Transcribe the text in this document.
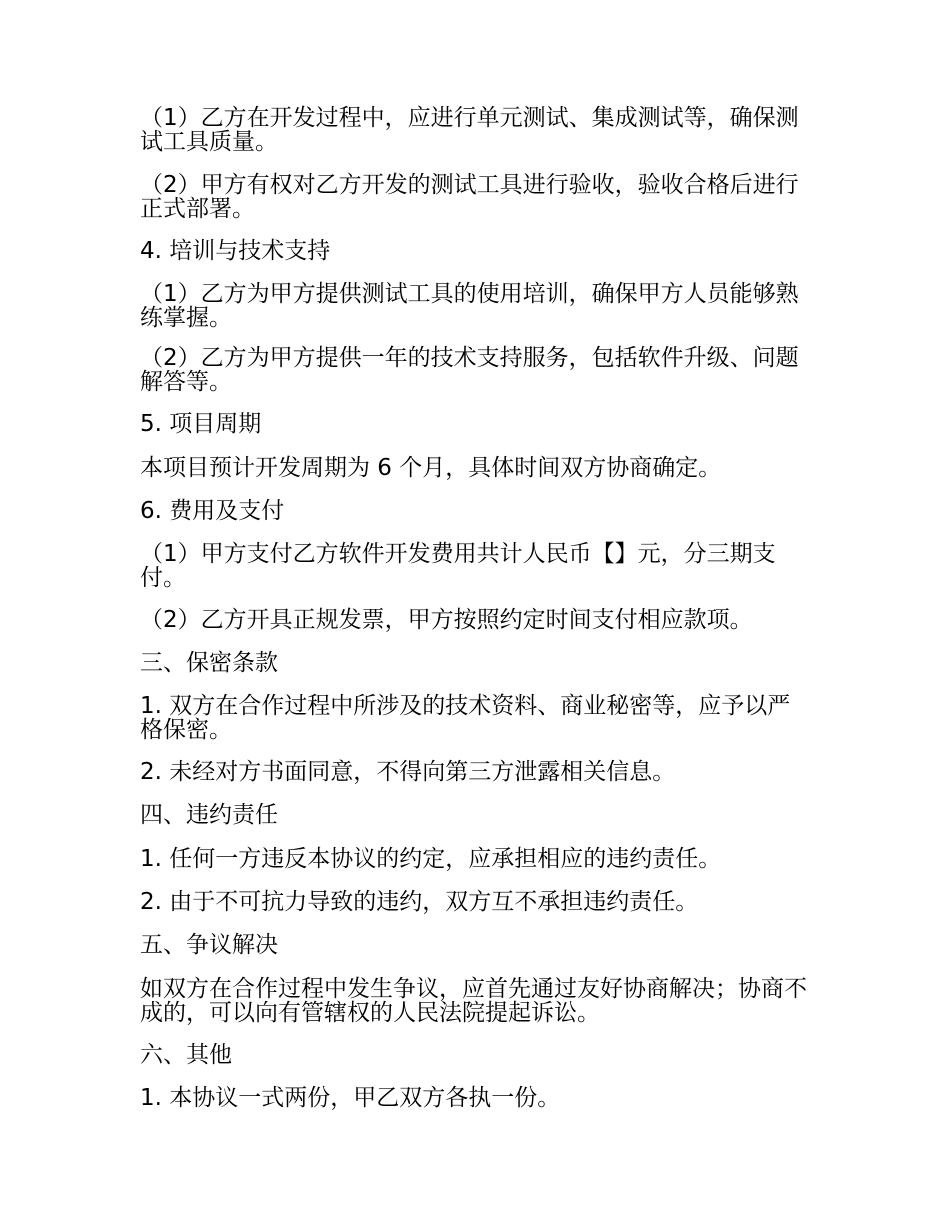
（1）乙方在开发过程中，应进行单元测试、集成测试等，确保测试工具质量。

（2）甲方有权对乙方开发的测试工具进行验收，验收合格后进行正式部署。

4. 培训与技术支持

（1）乙方为甲方提供测试工具的使用培训，确保甲方人员能够熟练掌握。

（2）乙方为甲方提供一年的技术支持服务，包括软件升级、问题解答等。

5. 项目周期

本项目预计开发周期为 6 个月，具体时间双方协商确定。

6. 费用及支付

（1）甲方支付乙方软件开发费用共计人民币【】元，分三期支付。

（2）乙方开具正规发票，甲方按照约定时间支付相应款项。

三、保密条款

1. 双方在合作过程中所涉及的技术资料、商业秘密等，应予以严格保密。

2. 未经对方书面同意，不得向第三方泄露相关信息。

四、违约责任

1. 任何一方违反本协议的约定，应承担相应的违约责任。

2. 由于不可抗力导致的违约，双方互不承担违约责任。

五、争议解决

如双方在合作过程中发生争议，应首先通过友好协商解决；协商不成的，可以向有管辖权的人民法院提起诉讼。

六、其他

1. 本协议一式两份，甲乙双方各执一份。
